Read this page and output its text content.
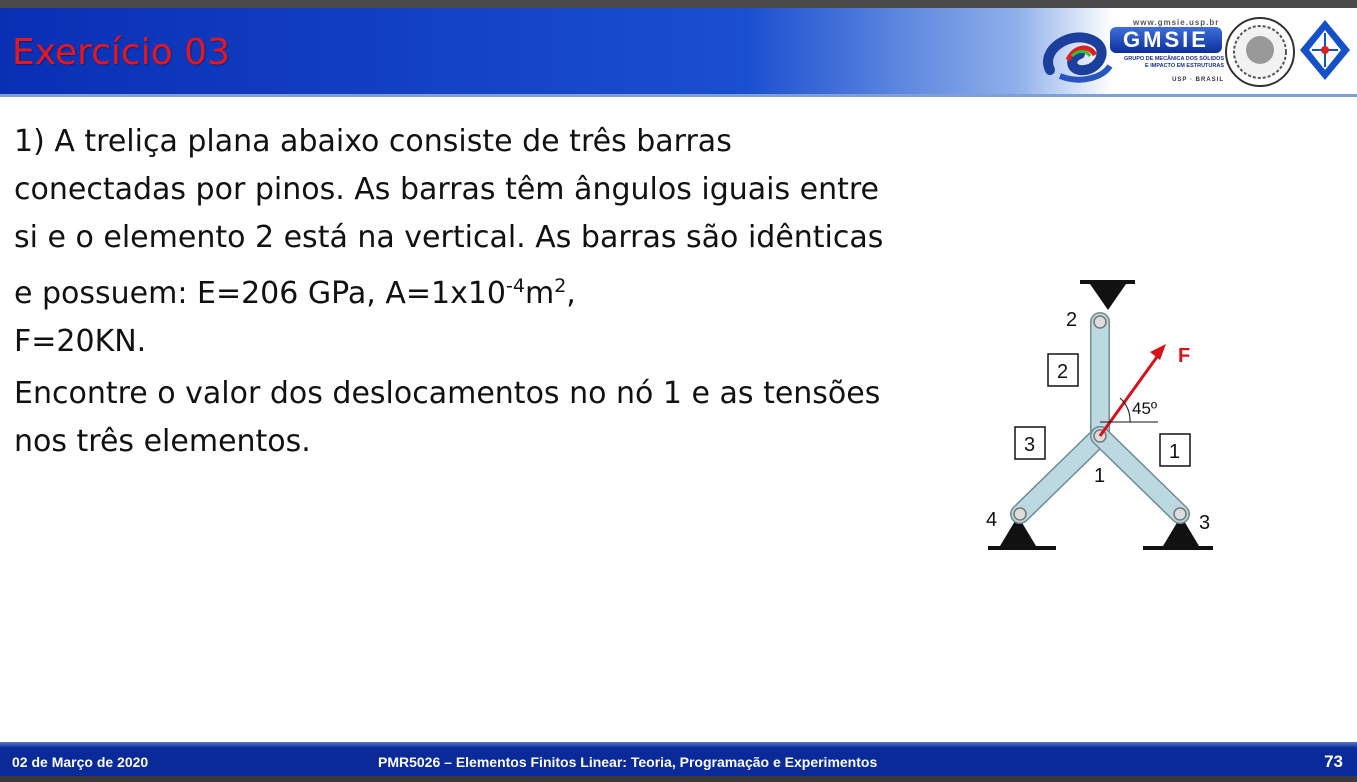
Exercício 03
www.gmsie.usp.br
GMSIE
GRUPO DE MECÂNICA DOS SÓLIDOS
E IMPACTO EM ESTRUTURAS
USP · BRASIL

1) A treliça plana abaixo consiste de três barras conectadas por pinos. As barras têm ângulos iguais entre si e o elemento 2 está na vertical. As barras são idênticas e possuem: E=206 GPa, $A=1x10^{-4}m^2$,
F=20KN.

Encontre o valor dos deslocamentos no nó 1 e as tensões nos três elementos.

F
45º
2
3	1
2
1
4	3
02 de Março de 2020	PMR5026 – Elementos Finitos Linear: Teoria, Programação e Experimentos	73
